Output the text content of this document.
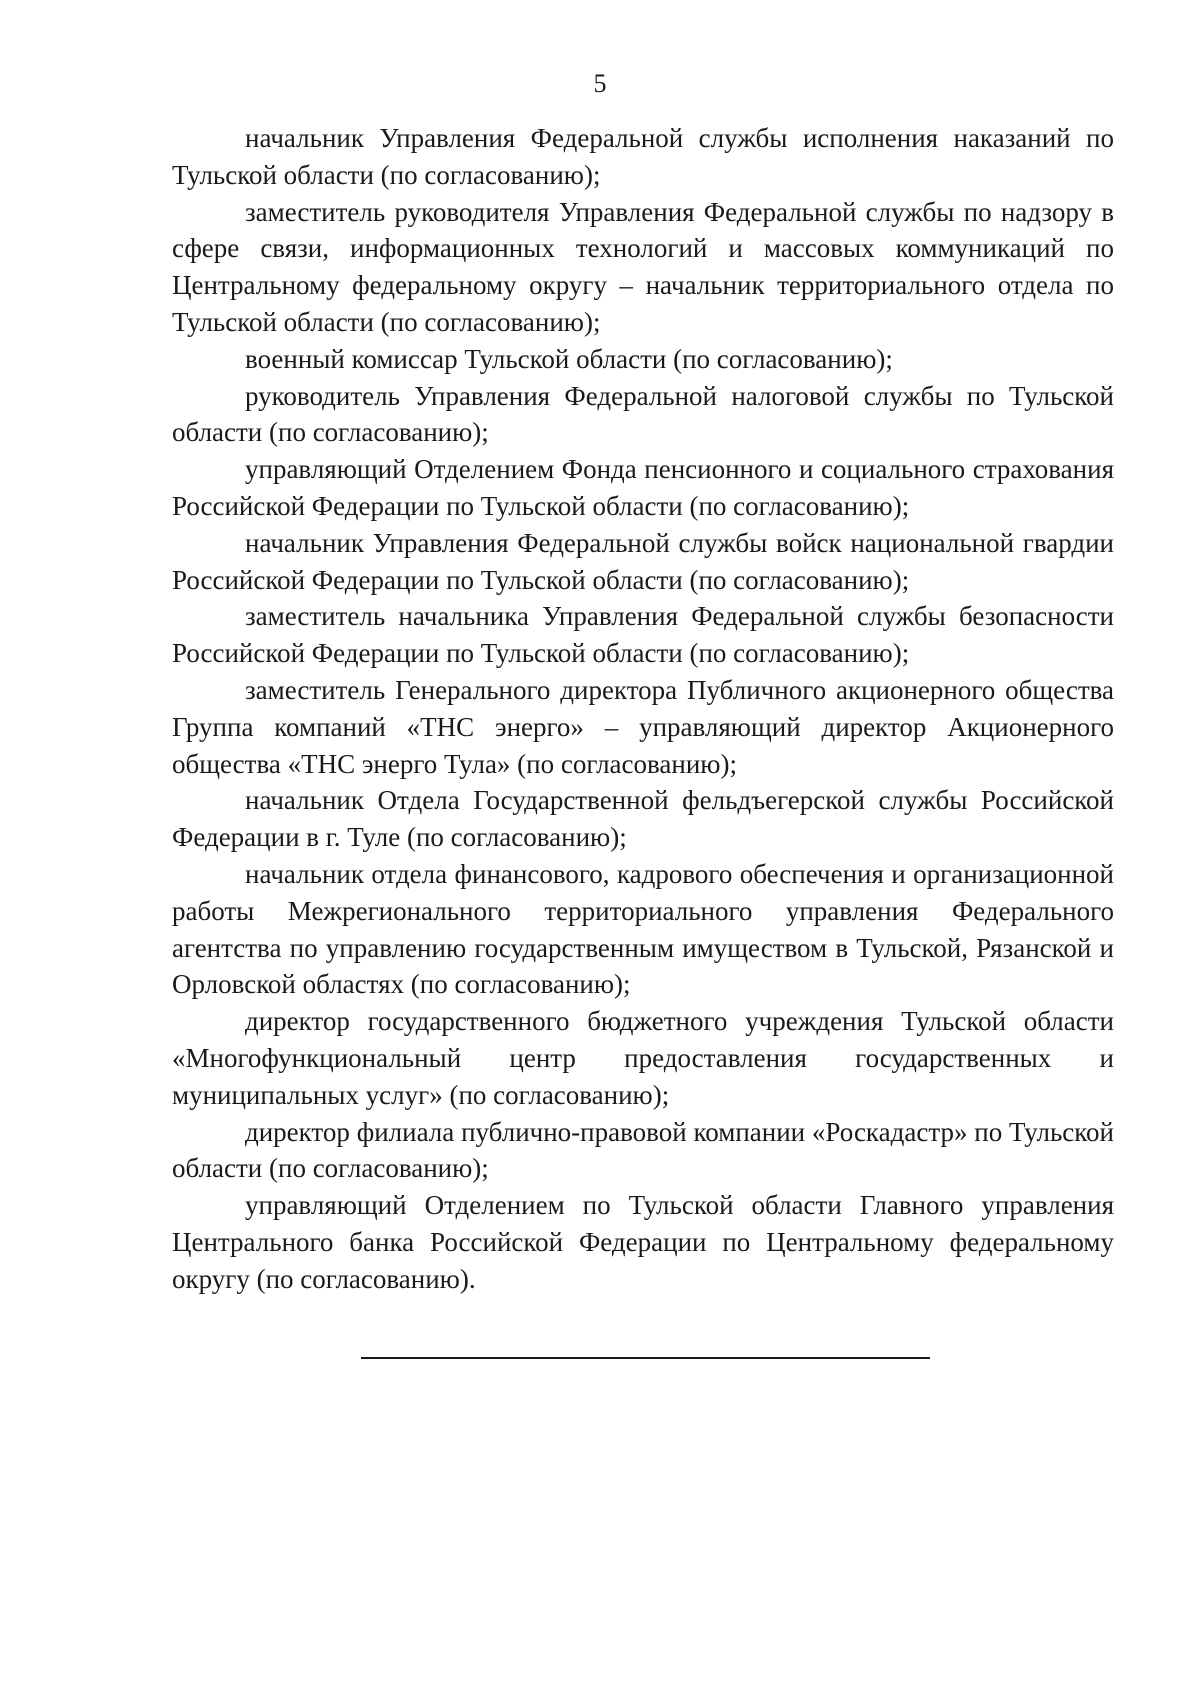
5

начальник Управления Федеральной службы исполнения наказаний по Тульской области (по согласованию);

заместитель руководителя Управления Федеральной службы по надзору в сфере связи, информационных технологий и массовых коммуникаций по Центральному федеральному округу – начальник территориального отдела по Тульской области (по согласованию);

военный комиссар Тульской области (по согласованию);

руководитель Управления Федеральной налоговой службы по Тульской области (по согласованию);

управляющий Отделением Фонда пенсионного и социального страхования Российской Федерации по Тульской области (по согласованию);

начальник Управления Федеральной службы войск национальной гвардии Российской Федерации по Тульской области (по согласованию);

заместитель начальника Управления Федеральной службы безопасности Российской Федерации по Тульской области (по согласованию);

заместитель Генерального директора Публичного акционерного общества Группа компаний «ТНС энерго» – управляющий директор Акционерного общества «ТНС энерго Тула» (по согласованию);

начальник Отдела Государственной фельдъегерской службы Российской Федерации в г. Туле (по согласованию);

начальник отдела финансового, кадрового обеспечения и организационной работы Межрегионального территориального управления Федерального агентства по управлению государственным имуществом в Тульской, Рязанской и Орловской областях (по согласованию);

директор государственного бюджетного учреждения Тульской области «Многофункциональный центр предоставления государственных и муниципальных услуг» (по согласованию);

директор филиала публично-правовой компании «Роскадастр» по Тульской области (по согласованию);

управляющий Отделением по Тульской области Главного управления Центрального банка Российской Федерации по Центральному федеральному округу (по согласованию).
